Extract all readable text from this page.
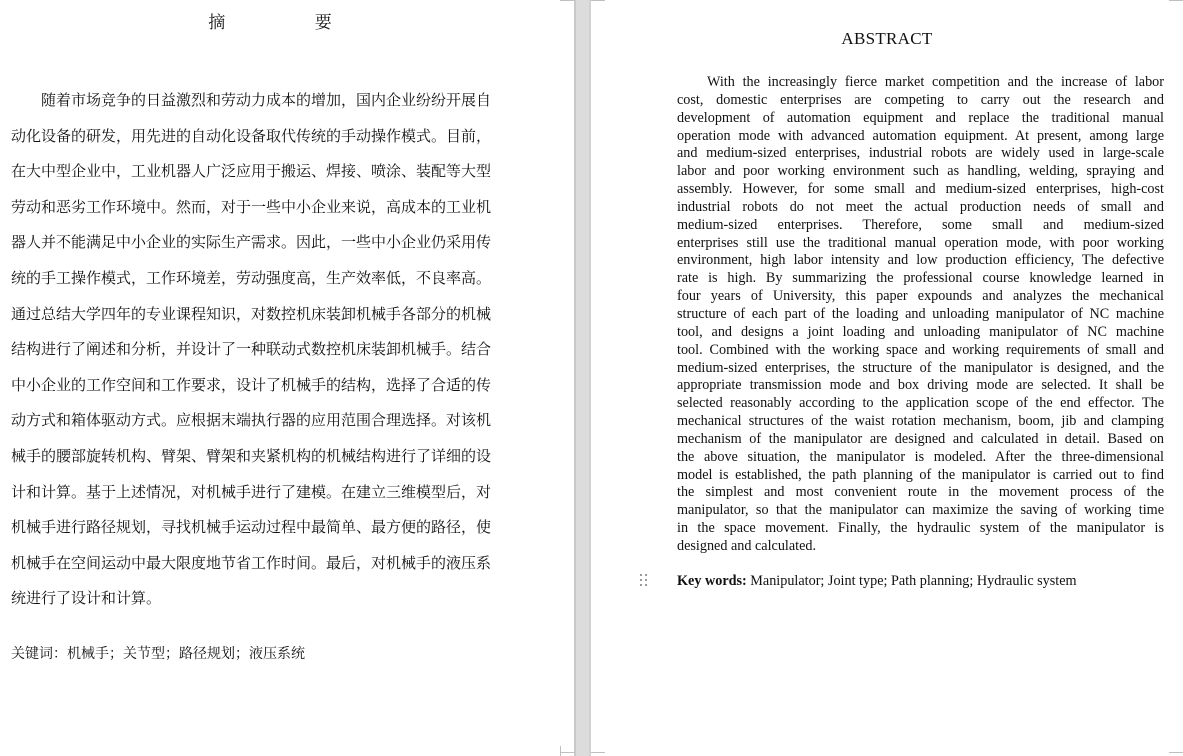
摘 要
随着市场竞争的日益激烈和劳动力成本的增加，国内企业纷纷开展自
动化设备的研发，用先进的自动化设备取代传统的手动操作模式。目前，
在大中型企业中，工业机器人广泛应用于搬运、焊接、喷涂、装配等大型
劳动和恶劣工作环境中。然而，对于一些中小企业来说，高成本的工业机
器人并不能满足中小企业的实际生产需求。因此，一些中小企业仍采用传
统的手工操作模式，工作环境差，劳动强度高，生产效率低，不良率高。
通过总结大学四年的专业课程知识，对数控机床装卸机械手各部分的机械
结构进行了阐述和分析，并设计了一种联动式数控机床装卸机械手。结合
中小企业的工作空间和工作要求，设计了机械手的结构，选择了合适的传
动方式和箱体驱动方式。应根据末端执行器的应用范围合理选择。对该机
械手的腰部旋转机构、臂架、臂架和夹紧机构的机械结构进行了详细的设
计和计算。基于上述情况，对机械手进行了建模。在建立三维模型后，对
机械手进行路径规划，寻找机械手运动过程中最简单、最方便的路径，使
机械手在空间运动中最大限度地节省工作时间。最后，对机械手的液压系
统进行了设计和计算。
关键词：机械手；关节型；路径规划；液压系统
ABSTRACT
With the increasingly fierce market competition and the increase of labor
cost, domestic enterprises are competing to carry out the research and
development of automation equipment and replace the traditional manual
operation mode with advanced automation equipment. At present, among large
and medium-sized enterprises, industrial robots are widely used in large-scale
labor and poor working environment such as handling, welding, spraying and
assembly. However, for some small and medium-sized enterprises, high-cost
industrial robots do not meet the actual production needs of small and
medium-sized enterprises. Therefore, some small and medium-sized
enterprises still use the traditional manual operation mode, with poor working
environment, high labor intensity and low production efficiency, The defective
rate is high. By summarizing the professional course knowledge learned in
four years of University, this paper expounds and analyzes the mechanical
structure of each part of the loading and unloading manipulator of NC machine
tool, and designs a joint loading and unloading manipulator of NC machine
tool. Combined with the working space and working requirements of small and
medium-sized enterprises, the structure of the manipulator is designed, and the
appropriate transmission mode and box driving mode are selected. It shall be
selected reasonably according to the application scope of the end effector. The
mechanical structures of the waist rotation mechanism, boom, jib and clamping
mechanism of the manipulator are designed and calculated in detail. Based on
the above situation, the manipulator is modeled. After the three-dimensional
model is established, the path planning of the manipulator is carried out to find
the simplest and most convenient route in the movement process of the
manipulator, so that the manipulator can maximize the saving of working time
in the space movement. Finally, the hydraulic system of the manipulator is
designed and calculated.
Key words: Manipulator; Joint type; Path planning; Hydraulic system
